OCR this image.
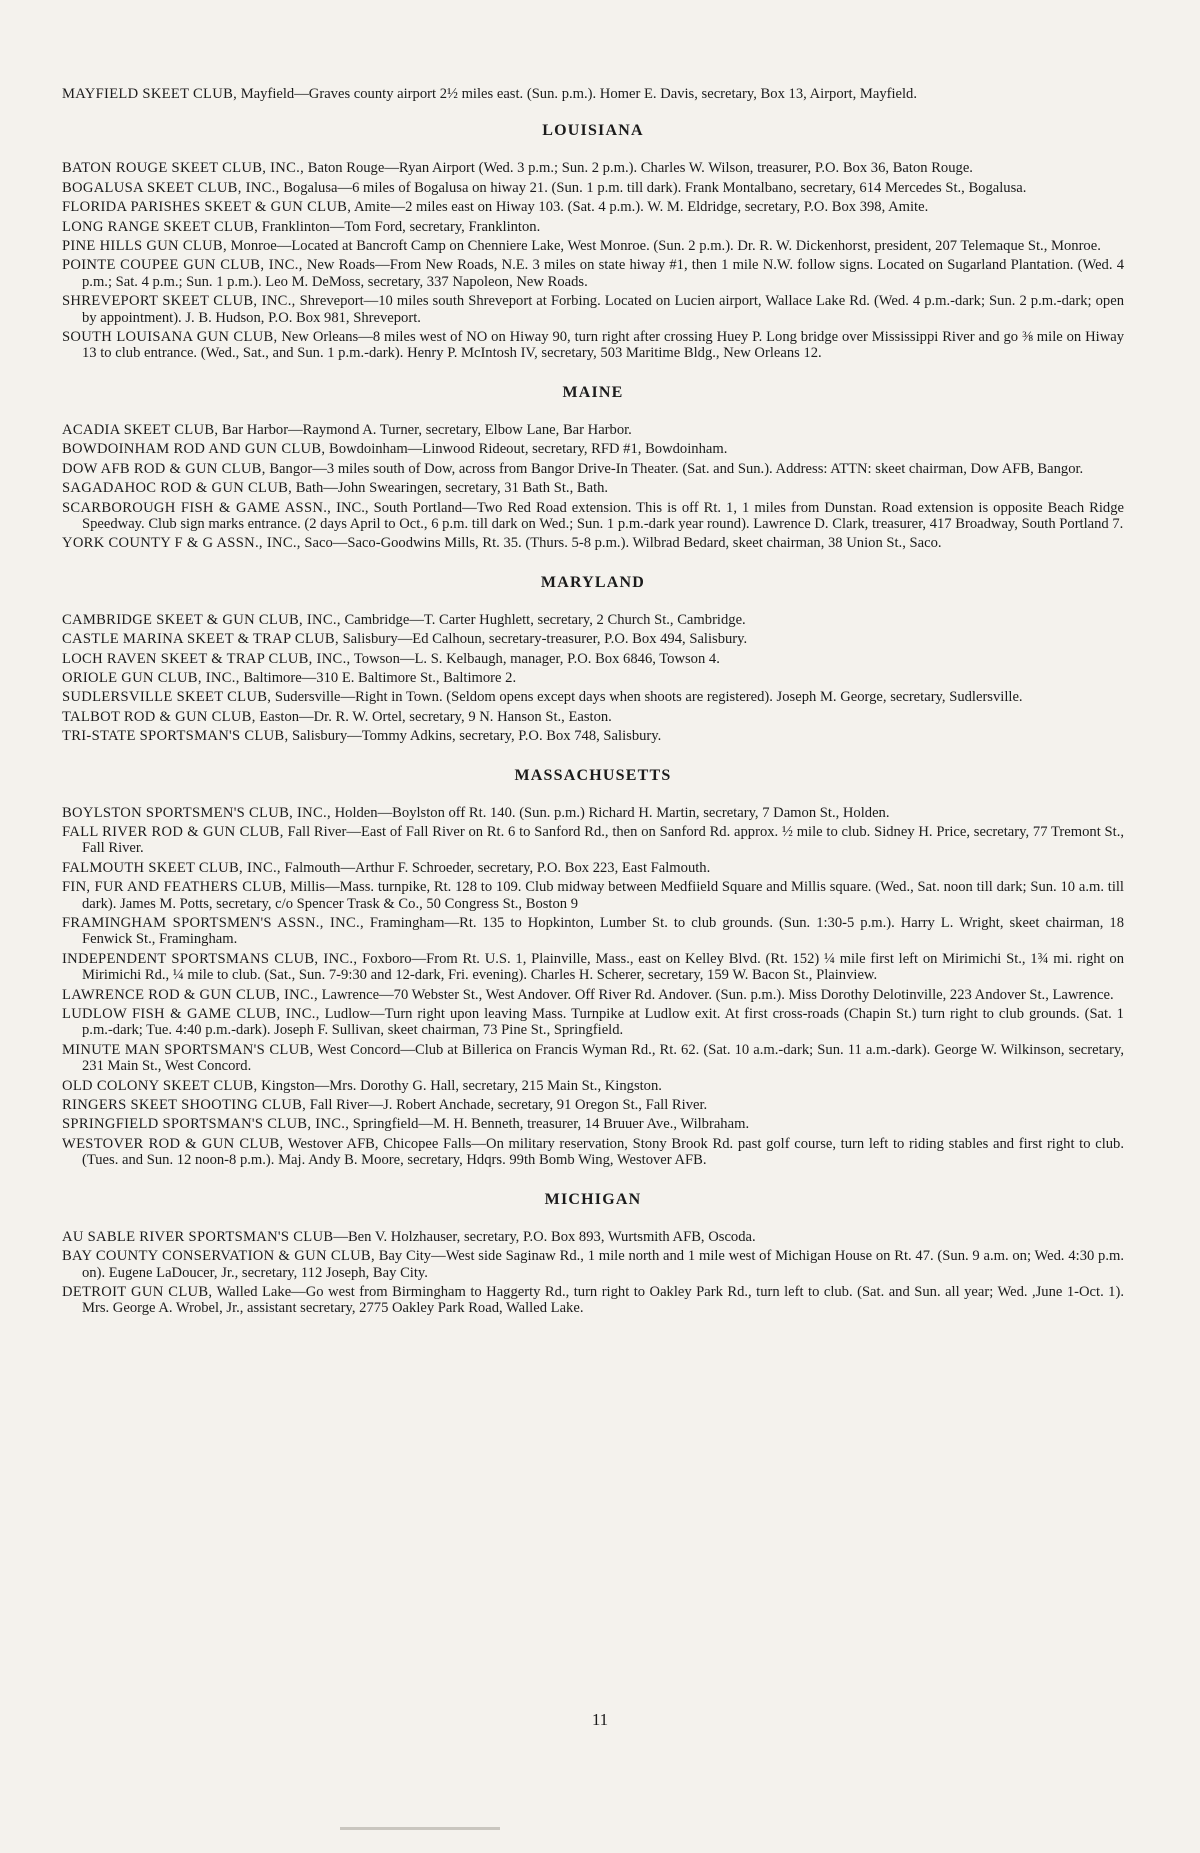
MAYFIELD SKEET CLUB, Mayfield—Graves county airport 2½ miles east. (Sun. p.m.). Homer E. Davis, secretary, Box 13, Airport, Mayfield.

LOUISIANA

BATON ROUGE SKEET CLUB, INC., Baton Rouge—Ryan Airport (Wed. 3 p.m.; Sun. 2 p.m.). Charles W. Wilson, treasurer, P.O. Box 36, Baton Rouge.

BOGALUSA SKEET CLUB, INC., Bogalusa—6 miles of Bogalusa on hiway 21. (Sun. 1 p.m. till dark). Frank Montalbano, secretary, 614 Mercedes St., Bogalusa.

FLORIDA PARISHES SKEET & GUN CLUB, Amite—2 miles east on Hiway 103. (Sat. 4 p.m.). W. M. Eldridge, secretary, P.O. Box 398, Amite.

LONG RANGE SKEET CLUB, Franklinton—Tom Ford, secretary, Franklinton.

PINE HILLS GUN CLUB, Monroe—Located at Bancroft Camp on Chenniere Lake, West Monroe. (Sun. 2 p.m.). Dr. R. W. Dickenhorst, president, 207 Telemaque St., Monroe.

POINTE COUPEE GUN CLUB, INC., New Roads—From New Roads, N.E. 3 miles on state hiway #1, then 1 mile N.W. follow signs. Located on Sugarland Plantation. (Wed. 4 p.m.; Sat. 4 p.m.; Sun. 1 p.m.). Leo M. DeMoss, secretary, 337 Napoleon, New Roads.

SHREVEPORT SKEET CLUB, INC., Shreveport—10 miles south Shreveport at Forbing. Located on Lucien airport, Wallace Lake Rd. (Wed. 4 p.m.-dark; Sun. 2 p.m.-dark; open by appointment). J. B. Hudson, P.O. Box 981, Shreveport.

SOUTH LOUISANA GUN CLUB, New Orleans—8 miles west of NO on Hiway 90, turn right after crossing Huey P. Long bridge over Mississippi River and go ⅜ mile on Hiway 13 to club entrance. (Wed., Sat., and Sun. 1 p.m.-dark). Henry P. McIntosh IV, secretary, 503 Maritime Bldg., New Orleans 12.

MAINE

ACADIA SKEET CLUB, Bar Harbor—Raymond A. Turner, secretary, Elbow Lane, Bar Harbor.

BOWDOINHAM ROD AND GUN CLUB, Bowdoinham—Linwood Rideout, secretary, RFD #1, Bowdoinham.

DOW AFB ROD & GUN CLUB, Bangor—3 miles south of Dow, across from Bangor Drive-In Theater. (Sat. and Sun.). Address: ATTN: skeet chairman, Dow AFB, Bangor.

SAGADAHOC ROD & GUN CLUB, Bath—John Swearingen, secretary, 31 Bath St., Bath.

SCARBOROUGH FISH & GAME ASSN., INC., South Portland—Two Red Road extension. This is off Rt. 1, 1 miles from Dunstan. Road extension is opposite Beach Ridge Speedway. Club sign marks entrance. (2 days April to Oct., 6 p.m. till dark on Wed.; Sun. 1 p.m.-dark year round). Lawrence D. Clark, treasurer, 417 Broadway, South Portland 7.

YORK COUNTY F & G ASSN., INC., Saco—Saco-Goodwins Mills, Rt. 35. (Thurs. 5-8 p.m.). Wilbrad Bedard, skeet chairman, 38 Union St., Saco.

MARYLAND

CAMBRIDGE SKEET & GUN CLUB, INC., Cambridge—T. Carter Hughlett, secretary, 2 Church St., Cambridge.

CASTLE MARINA SKEET & TRAP CLUB, Salisbury—Ed Calhoun, secretary-treasurer, P.O. Box 494, Salisbury.

LOCH RAVEN SKEET & TRAP CLUB, INC., Towson—L. S. Kelbaugh, manager, P.O. Box 6846, Towson 4.

ORIOLE GUN CLUB, INC., Baltimore—310 E. Baltimore St., Baltimore 2.

SUDLERSVILLE SKEET CLUB, Sudersville—Right in Town. (Seldom opens except days when shoots are registered). Joseph M. George, secretary, Sudlersville.

TALBOT ROD & GUN CLUB, Easton—Dr. R. W. Ortel, secretary, 9 N. Hanson St., Easton.

TRI-STATE SPORTSMAN'S CLUB, Salisbury—Tommy Adkins, secretary, P.O. Box 748, Salisbury.

MASSACHUSETTS

BOYLSTON SPORTSMEN'S CLUB, INC., Holden—Boylston off Rt. 140. (Sun. p.m.) Richard H. Martin, secretary, 7 Damon St., Holden.

FALL RIVER ROD & GUN CLUB, Fall River—East of Fall River on Rt. 6 to Sanford Rd., then on Sanford Rd. approx. ½ mile to club. Sidney H. Price, secretary, 77 Tremont St., Fall River.

FALMOUTH SKEET CLUB, INC., Falmouth—Arthur F. Schroeder, secretary, P.O. Box 223, East Falmouth.

FIN, FUR AND FEATHERS CLUB, Millis—Mass. turnpike, Rt. 128 to 109. Club midway between Medfiield Square and Millis square. (Wed., Sat. noon till dark; Sun. 10 a.m. till dark). James M. Potts, secretary, c/o Spencer Trask & Co., 50 Congress St., Boston 9

FRAMINGHAM SPORTSMEN'S ASSN., INC., Framingham—Rt. 135 to Hopkinton, Lumber St. to club grounds. (Sun. 1:30-5 p.m.). Harry L. Wright, skeet chairman, 18 Fenwick St., Framingham.

INDEPENDENT SPORTSMANS CLUB, INC., Foxboro—From Rt. U.S. 1, Plainville, Mass., east on Kelley Blvd. (Rt. 152) ¼ mile first left on Mirimichi St., 1¾ mi. right on Mirimichi Rd., ¼ mile to club. (Sat., Sun. 7-9:30 and 12-dark, Fri. evening). Charles H. Scherer, secretary, 159 W. Bacon St., Plainview.

LAWRENCE ROD & GUN CLUB, INC., Lawrence—70 Webster St., West Andover. Off River Rd. Andover. (Sun. p.m.). Miss Dorothy Delotinville, 223 Andover St., Lawrence.

LUDLOW FISH & GAME CLUB, INC., Ludlow—Turn right upon leaving Mass. Turnpike at Ludlow exit. At first cross-roads (Chapin St.) turn right to club grounds. (Sat. 1 p.m.-dark; Tue. 4:40 p.m.-dark). Joseph F. Sullivan, skeet chairman, 73 Pine St., Springfield.

MINUTE MAN SPORTSMAN'S CLUB, West Concord—Club at Billerica on Francis Wyman Rd., Rt. 62. (Sat. 10 a.m.-dark; Sun. 11 a.m.-dark). George W. Wilkinson, secretary, 231 Main St., West Concord.

OLD COLONY SKEET CLUB, Kingston—Mrs. Dorothy G. Hall, secretary, 215 Main St., Kingston.

RINGERS SKEET SHOOTING CLUB, Fall River—J. Robert Anchade, secretary, 91 Oregon St., Fall River.

SPRINGFIELD SPORTSMAN'S CLUB, INC., Springfield—M. H. Benneth, treasurer, 14 Bruuer Ave., Wilbraham.

WESTOVER ROD & GUN CLUB, Westover AFB, Chicopee Falls—On military reservation, Stony Brook Rd. past golf course, turn left to riding stables and first right to club. (Tues. and Sun. 12 noon-8 p.m.). Maj. Andy B. Moore, secretary, Hdqrs. 99th Bomb Wing, Westover AFB.

MICHIGAN

AU SABLE RIVER SPORTSMAN'S CLUB—Ben V. Holzhauser, secretary, P.O. Box 893, Wurtsmith AFB, Oscoda.

BAY COUNTY CONSERVATION & GUN CLUB, Bay City—West side Saginaw Rd., 1 mile north and 1 mile west of Michigan House on Rt. 47. (Sun. 9 a.m. on; Wed. 4:30 p.m. on). Eugene LaDoucer, Jr., secretary, 112 Joseph, Bay City.

DETROIT GUN CLUB, Walled Lake—Go west from Birmingham to Haggerty Rd., turn right to Oakley Park Rd., turn left to club. (Sat. and Sun. all year; Wed. ,June 1-Oct. 1). Mrs. George A. Wrobel, Jr., assistant secretary, 2775 Oakley Park Road, Walled Lake.

11
